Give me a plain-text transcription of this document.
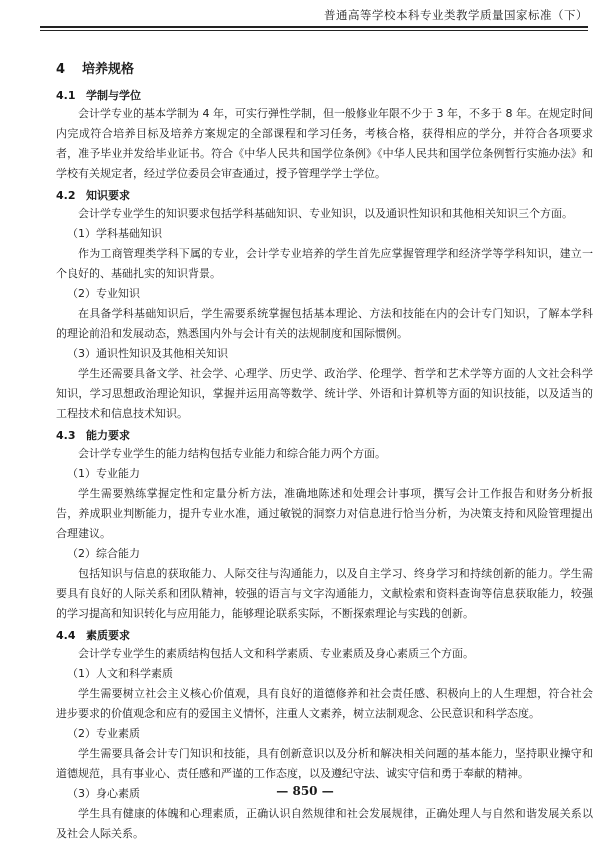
普通高等学校本科专业类教学质量国家标准（下）
4 培养规格
4.1 学制与学位

会计学专业的基本学制为 4 年，可实行弹性学制，但一般修业年限不少于 3 年，不多于 8 年。在规定时间内完成符合培养目标及培养方案规定的全部课程和学习任务，考核合格，获得相应的学分，并符合各项要求者，准予毕业并发给毕业证书。符合《中华人民共和国学位条例》《中华人民共和国学位条例暂行实施办法》和学校有关规定者，经过学位委员会审查通过，授予管理学学士学位。

4.2 知识要求

会计学专业学生的知识要求包括学科基础知识、专业知识，以及通识性知识和其他相关知识三个方面。

（1）学科基础知识

作为工商管理类学科下属的专业，会计学专业培养的学生首先应掌握管理学和经济学等学科知识，建立一个良好的、基础扎实的知识背景。

（2）专业知识

在具备学科基础知识后，学生需要系统掌握包括基本理论、方法和技能在内的会计专门知识，了解本学科的理论前沿和发展动态，熟悉国内外与会计有关的法规制度和国际惯例。

（3）通识性知识及其他相关知识

学生还需要具备文学、社会学、心理学、历史学、政治学、伦理学、哲学和艺术学等方面的人文社会科学知识，学习思想政治理论知识，掌握并运用高等数学、统计学、外语和计算机等方面的知识技能，以及适当的工程技术和信息技术知识。

4.3 能力要求

会计学专业学生的能力结构包括专业能力和综合能力两个方面。

（1）专业能力

学生需要熟练掌握定性和定量分析方法，准确地陈述和处理会计事项，撰写会计工作报告和财务分析报告，养成职业判断能力，提升专业水准，通过敏锐的洞察力对信息进行恰当分析，为决策支持和风险管理提出合理建议。

（2）综合能力

包括知识与信息的获取能力、人际交往与沟通能力，以及自主学习、终身学习和持续创新的能力。学生需要具有良好的人际关系和团队精神，较强的语言与文字沟通能力，文献检索和资料查询等信息获取能力，较强的学习提高和知识转化与应用能力，能够理论联系实际，不断探索理论与实践的创新。

4.4 素质要求

会计学专业学生的素质结构包括人文和科学素质、专业素质及身心素质三个方面。

（1）人文和科学素质

学生需要树立社会主义核心价值观，具有良好的道德修养和社会责任感、积极向上的人生理想，符合社会进步要求的价值观念和应有的爱国主义情怀，注重人文素养，树立法制观念、公民意识和科学态度。

（2）专业素质

学生需要具备会计专门知识和技能，具有创新意识以及分析和解决相关问题的基本能力，坚持职业操守和道德规范，具有事业心、责任感和严谨的工作态度，以及遵纪守法、诚实守信和勇于奉献的精神。

（3）身心素质

学生具有健康的体魄和心理素质，正确认识自然规律和社会发展规律，正确处理人与自然和谐发展关系以及社会人际关系。

— 850 —
